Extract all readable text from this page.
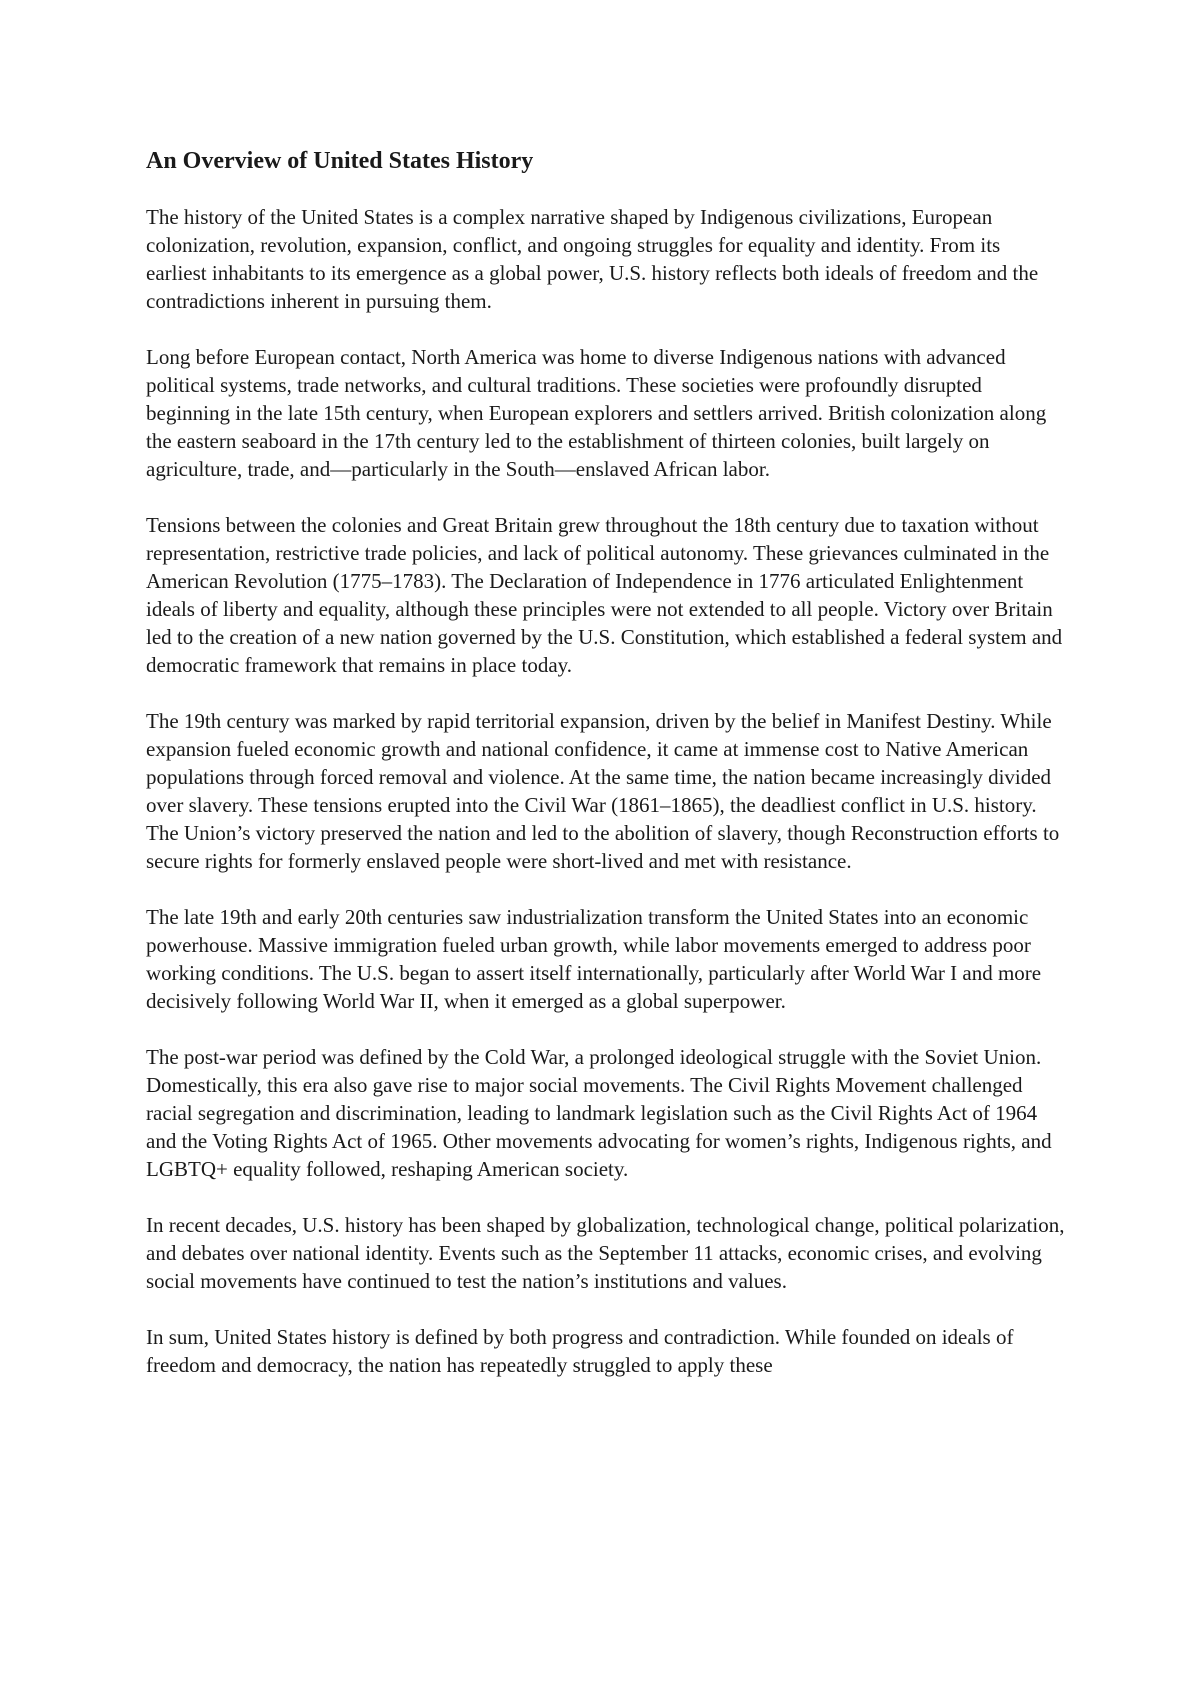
An Overview of United States History

The history of the United States is a complex narrative shaped by Indigenous civilizations, European colonization, revolution, expansion, conflict, and ongoing struggles for equality and identity. From its earliest inhabitants to its emergence as a global power, U.S. history reflects both ideals of freedom and the contradictions inherent in pursuing them.

Long before European contact, North America was home to diverse Indigenous nations with advanced political systems, trade networks, and cultural traditions. These societies were profoundly disrupted beginning in the late 15th century, when European explorers and settlers arrived. British colonization along the eastern seaboard in the 17th century led to the establishment of thirteen colonies, built largely on agriculture, trade, and—particularly in the South—enslaved African labor.

Tensions between the colonies and Great Britain grew throughout the 18th century due to taxation without representation, restrictive trade policies, and lack of political autonomy. These grievances culminated in the American Revolution (1775–1783). The Declaration of Independence in 1776 articulated Enlightenment ideals of liberty and equality, although these principles were not extended to all people. Victory over Britain led to the creation of a new nation governed by the U.S. Constitution, which established a federal system and democratic framework that remains in place today.

The 19th century was marked by rapid territorial expansion, driven by the belief in Manifest Destiny. While expansion fueled economic growth and national confidence, it came at immense cost to Native American populations through forced removal and violence. At the same time, the nation became increasingly divided over slavery. These tensions erupted into the Civil War (1861–1865), the deadliest conflict in U.S. history. The Union’s victory preserved the nation and led to the abolition of slavery, though Reconstruction efforts to secure rights for formerly enslaved people were short-lived and met with resistance.

The late 19th and early 20th centuries saw industrialization transform the United States into an economic powerhouse. Massive immigration fueled urban growth, while labor movements emerged to address poor working conditions. The U.S. began to assert itself internationally, particularly after World War I and more decisively following World War II, when it emerged as a global superpower.

The post-war period was defined by the Cold War, a prolonged ideological struggle with the Soviet Union. Domestically, this era also gave rise to major social movements. The Civil Rights Movement challenged racial segregation and discrimination, leading to landmark legislation such as the Civil Rights Act of 1964 and the Voting Rights Act of 1965. Other movements advocating for women’s rights, Indigenous rights, and LGBTQ+ equality followed, reshaping American society.

In recent decades, U.S. history has been shaped by globalization, technological change, political polarization, and debates over national identity. Events such as the September 11 attacks, economic crises, and evolving social movements have continued to test the nation’s institutions and values.

In sum, United States history is defined by both progress and contradiction. While founded on ideals of freedom and democracy, the nation has repeatedly struggled to apply these
